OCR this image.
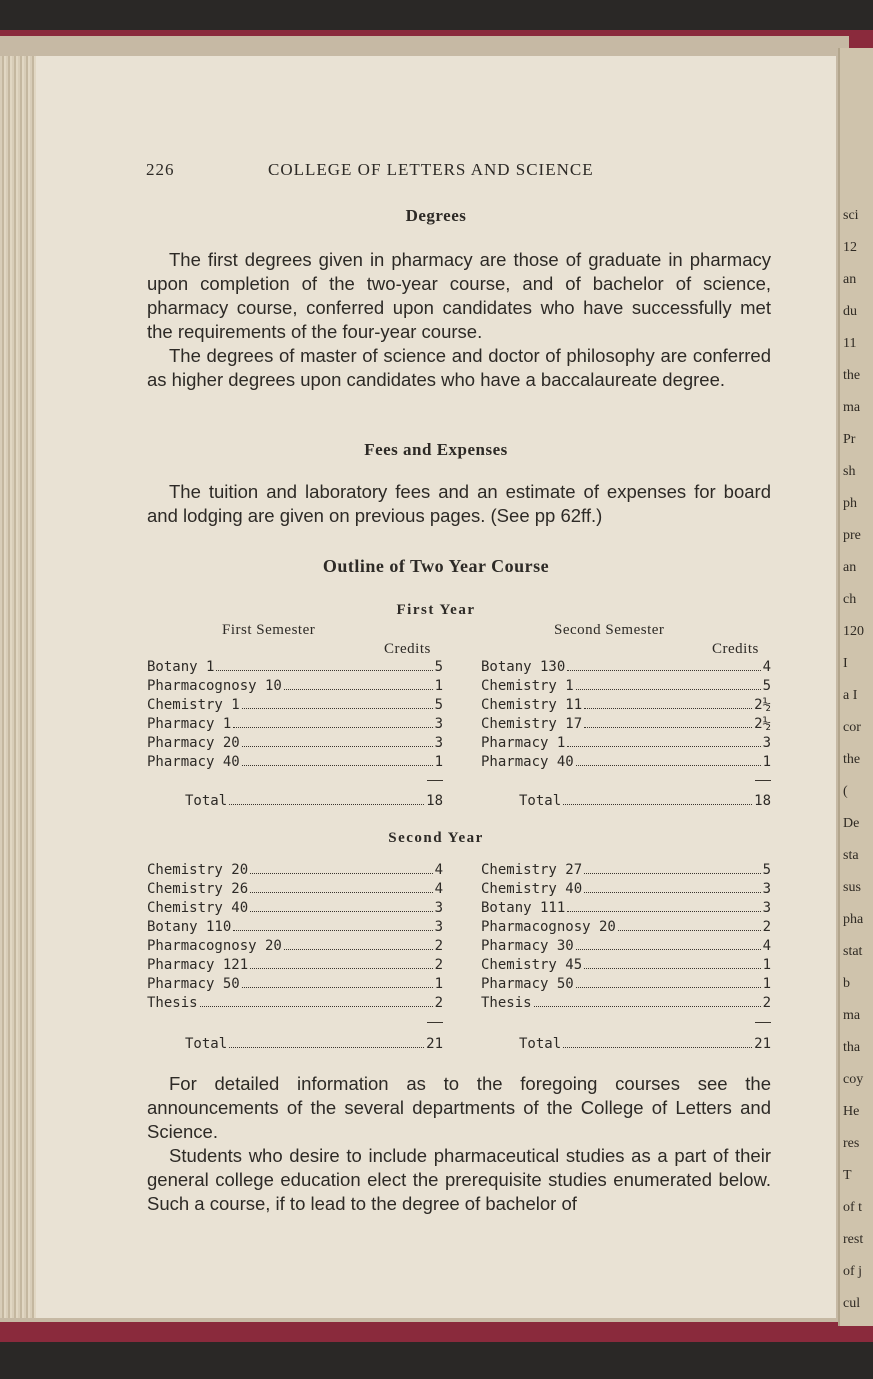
sci
12
an
du
11
the
ma
Pr
sh
ph
pre
an
ch
120
I
a I
cor
the
(
De
sta
sus
pha
stat
b
ma
tha
coy
He
res
T
of t
rest
of j
cul
226	COLLEGE OF LETTERS AND SCIENCE
Degrees

The first degrees given in pharmacy are those of graduate in pharmacy upon completion of the two-year course, and of bachelor of science, pharmacy course, conferred upon candidates who have successfully met the requirements of the four-year course.

The degrees of master of science and doctor of philosophy are conferred as higher degrees upon candidates who have a baccalaureate degree.

Fees and Expenses

The tuition and laboratory fees and an estimate of expenses for board and lodging are given on previous pages. (See pp 62ff.)

Outline of Two Year Course
First Year
First Semester	Second Semester
Credits	Credits
Botany 1	5
Pharmacognosy 10	1
Chemistry 1	5
Pharmacy 1	3
Pharmacy 20	3
Pharmacy 40	1
Total	18
Botany 130	4
Chemistry 1	5
Chemistry 11	2½
Chemistry 17	2½
Pharmacy 1	3
Pharmacy 40	1
Total	18
Second Year
Chemistry 20	4
Chemistry 26	4
Chemistry 40	3
Botany 110	3
Pharmacognosy 20	2
Pharmacy 121	2
Pharmacy 50	1
Thesis	2
Total	21
Chemistry 27	5
Chemistry 40	3
Botany 111	3
Pharmacognosy 20	2
Pharmacy 30	4
Chemistry 45	1
Pharmacy 50	1
Thesis	2
Total	21

For detailed information as to the foregoing courses see the announcements of the several departments of the College of Letters and Science.

Students who desire to include pharmaceutical studies as a part of their general college education elect the prerequisite studies enumerated below. Such a course, if to lead to the degree of bachelor of
